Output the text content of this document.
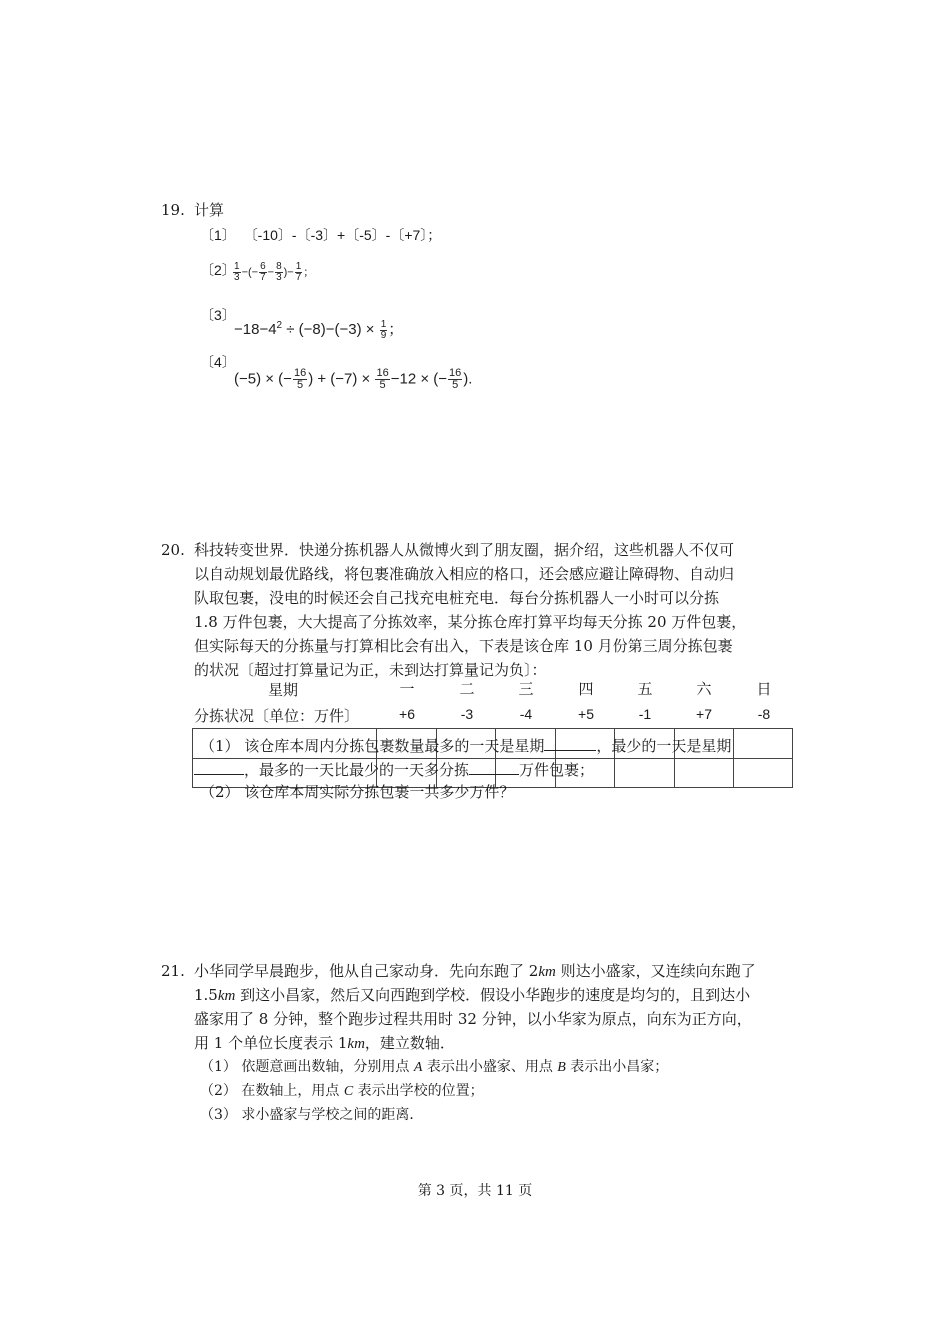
19. 计算
〔1〕 〔-10〕-〔-3〕+〔-5〕-〔+7〕；
〔2〕
$\frac{1}{3}$ −(− $\frac{6}{7} - \frac{8}{3}$ )− $\frac{1}{7}$ ；
〔3〕
$-18-4^2 \div (-8)-(-3) \times \frac{1}{9}$ ；
〔4〕
(−5) × (− $\frac{16}{5}$ ) + $(-7) \times \frac{16}{5} -12$ × (− $\frac{16}{5}$ ).
20. 科技转变世界．快递分拣机器人从微博火到了朋友圈，据介绍，这些机器人不仅可
以自动规划最优路线，将包裹准确放入相应的格口，还会感应避让障碍物、自动归
队取包裹，没电的时候还会自己找充电桩充电．每台分拣机器人一小时可以分拣
1.8 万件包裹，大大提高了分拣效率，某分拣仓库打算平均每天分拣 20 万件包裹，
但实际每天的分拣量与打算相比会有出入，下表是该仓库 10 月份第三周分拣包裹
的状况〔超过打算量记为正，未到达打算量记为负〕：
星期	一	二	三	四	五	六	日
分拣状况〔单位：万件〕	+6	-3	-4	+5	-1	+7	-8
（1） 该仓库本周内分拣包裹数量最多的一天是星期	，最少的一天是星期
，最多的一天比最少的一天多分拣	万件包裹；
（2） 该仓库本周实际分拣包裹一共多少万件？
21. 小华同学早晨跑步，他从自己家动身．先向东跑了 2km 则达小盛家，又连续向东跑了
1.5km 到这小昌家，然后又向西跑到学校．假设小华跑步的速度是均匀的，且到达小
盛家用了 8 分钟，整个跑步过程共用时 32 分钟，以小华家为原点，向东为正方向，
用 1 个单位长度表示 1km，建立数轴．
（1） 依题意画出数轴，分别用点 A 表示出小盛家、用点 B 表示出小昌家；
（2） 在数轴上，用点 C 表示出学校的位置；
（3） 求小盛家与学校之间的距离．
第 3 页，共 11 页
